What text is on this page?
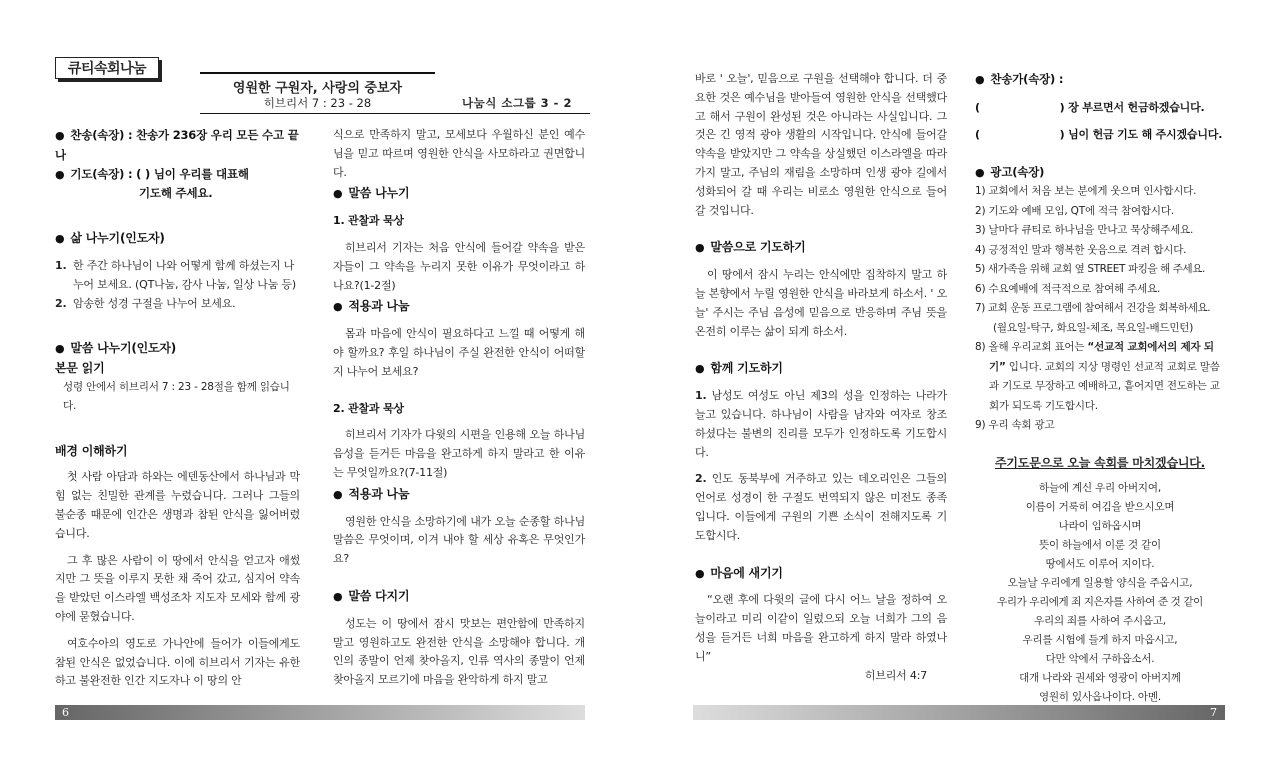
큐티속회나눔
영원한 구원자, 사랑의 중보자
히브리서 7 : 23 - 28	나눔식 소그룹 3 - 2

● 찬송(속장) : 찬송가 236장 우리 모든 수고 끝나

● 기도(속장) : ( ) 님이 우리를 대표해

기도해 주세요.

● 삶 나누기(인도자)

1. 한 주간 하나님이 나와 어떻게 함께 하셨는지 나누어 보세요. (QT나눔, 감사 나눔, 일상 나눔 등)

2. 암송한 성경 구절을 나누어 보세요.

● 말씀 나누기(인도자)

본문 읽기

성령 안에서 히브리서 7 : 23 - 28절을 함께 읽습니다.

배경 이해하기

첫 사람 아담과 하와는 에덴동산에서 하나님과 막힘 없는 친밀한 관계를 누렸습니다. 그러나 그들의 불순종 때문에 인간은 생명과 참된 안식을 잃어버렸습니다.

그 후 많은 사람이 이 땅에서 안식을 얻고자 애썼지만 그 뜻을 이루지 못한 채 죽어 갔고, 심지어 약속을 받았던 이스라엘 백성조차 지도자 모세와 함께 광야에 묻혔습니다.

여호수아의 영도로 가나안에 들어가 이들에게도 참된 안식은 없었습니다. 이에 히브리서 기자는 유한하고 불완전한 인간 지도자나 이 땅의 안

식으로 만족하지 말고, 모세보다 우월하신 분인 예수님을 믿고 따르며 영원한 안식을 사모하라고 권면합니다.

● 말씀 나누기

1. 관찰과 묵상

히브리서 기자는 처음 안식에 들어갈 약속을 받은 자들이 그 약속을 누리지 못한 이유가 무엇이라고 하나요?(1-2절)

● 적용과 나눔

몸과 마음에 안식이 필요하다고 느낄 때 어떻게 해야 할까요? 후일 하나님이 주실 완전한 안식이 어떠할지 나누어 보세요?

2. 관찰과 묵상

히브리서 기자가 다윗의 시편을 인용해 오늘 하나님 음성을 듣거든 마음을 완고하게 하지 말라고 한 이유는 무엇일까요?(7-11절)

● 적용과 나눔

영원한 안식을 소망하기에 내가 오늘 순종할 하나님 말씀은 무엇이며, 이겨 내야 할 세상 유혹은 무엇인가요?

● 말씀 다지기

성도는 이 땅에서 잠시 맛보는 편안함에 만족하지 말고 영원하고도 완전한 안식을 소망해야 합니다. 개인의 종말이 언제 찾아올지, 인류 역사의 종말이 언제 찾아올지 모르기에 마음을 완악하게 하지 말고

바로 ' 오늘', 믿음으로 구원을 선택해야 합니다. 더 중요한 것은 예수님을 받아들여 영원한 안식을 선택했다고 해서 구원이 완성된 것은 아니라는 사실입니다. 그것은 긴 영적 광야 생활의 시작입니다. 안식에 들어갈 약속을 받았지만 그 약속을 상실했던 이스라엘을 따라가지 말고, 주님의 재림을 소망하며 인생 광야 길에서 성화되어 갈 때 우리는 비로소 영원한 안식으로 들어갈 것입니다.

● 말씀으로 기도하기

이 땅에서 잠시 누리는 안식에만 집착하지 말고 하늘 본향에서 누릴 영원한 안식을 바라보게 하소서. ' 오늘' 주시는 주님 음성에 믿음으로 반응하며 주님 뜻을 온전히 이루는 삶이 되게 하소서.

● 함께 기도하기

1. 남성도 여성도 아닌 제3의 성을 인정하는 나라가 늘고 있습니다. 하나님이 사람을 남자와 여자로 창조하셨다는 불변의 진리를 모두가 인정하도록 기도합시다.

2. 인도 동북부에 거주하고 있는 데오리인은 그들의 언어로 성경이 한 구절도 번역되지 않은 미전도 종족입니다. 이들에게 구원의 기쁜 소식이 전해지도록 기도합시다.

● 마음에 새기기

“오랜 후에 다윗의 글에 다시 어느 날을 정하여 오늘이라고 미리 이같이 일렀으되 오늘 너희가 그의 음성을 듣거든 너희 마음을 완고하게 하지 말라 하였나니”

히브리서 4:7

● 찬송가(속장) :

(                      ) 장 부르면서 헌금하겠습니다.

(                      ) 님이 헌금 기도 해 주시겠습니다.

● 광고(속장)

1) 교회에서 처음 보는 분에게 웃으며 인사합시다.

2) 기도와 예배 모임, QT에 적극 참여합시다.

3) 날마다 큐티로 하나님을 만나고 묵상해주세요.

4) 긍정적인 말과 행복한 웃음으로 격려 합시다.

5) 새가족을 위해 교회 옆 STREET 파킹을 해 주세요.

6) 수요예배에 적극적으로 참여해 주세요.

7) 교회 운동 프로그램에 참여해서 건강을 회복하세요.

(월요일-탁구, 화요일-체조, 목요일-배드민턴)

8) 올해 우리교회 표어는 “선교적 교회에서의 제자 되기” 입니다. 교회의 지상 명령인 선교적 교회로 말씀과 기도로 무장하고 예배하고, 흩어지면 전도하는 교회가 되도록 기도합시다.

9) 우리 속회 광고

주기도문으로 오늘 속회를 마치겠습니다.

하늘에 계신 우리 아버지여,

이름이 거룩히 여김을 받으시오며

나라이 임하옵시며

뜻이 하늘에서 이룬 것 같이

땅에서도 이루어 지이다.

오늘날 우리에게 일용할 양식을 주옵시고,

우리가 우리에게 죄 지은자를 사하여 준 것 같이

우리의 죄를 사하여 주시옵고,

우리를 시험에 들게 하지 마옵시고,

다만 악에서 구하옵소서.

대개 나라와 권세와 영광이 아버지께

영원히 있사옵나이다. 아멘.

6	7
